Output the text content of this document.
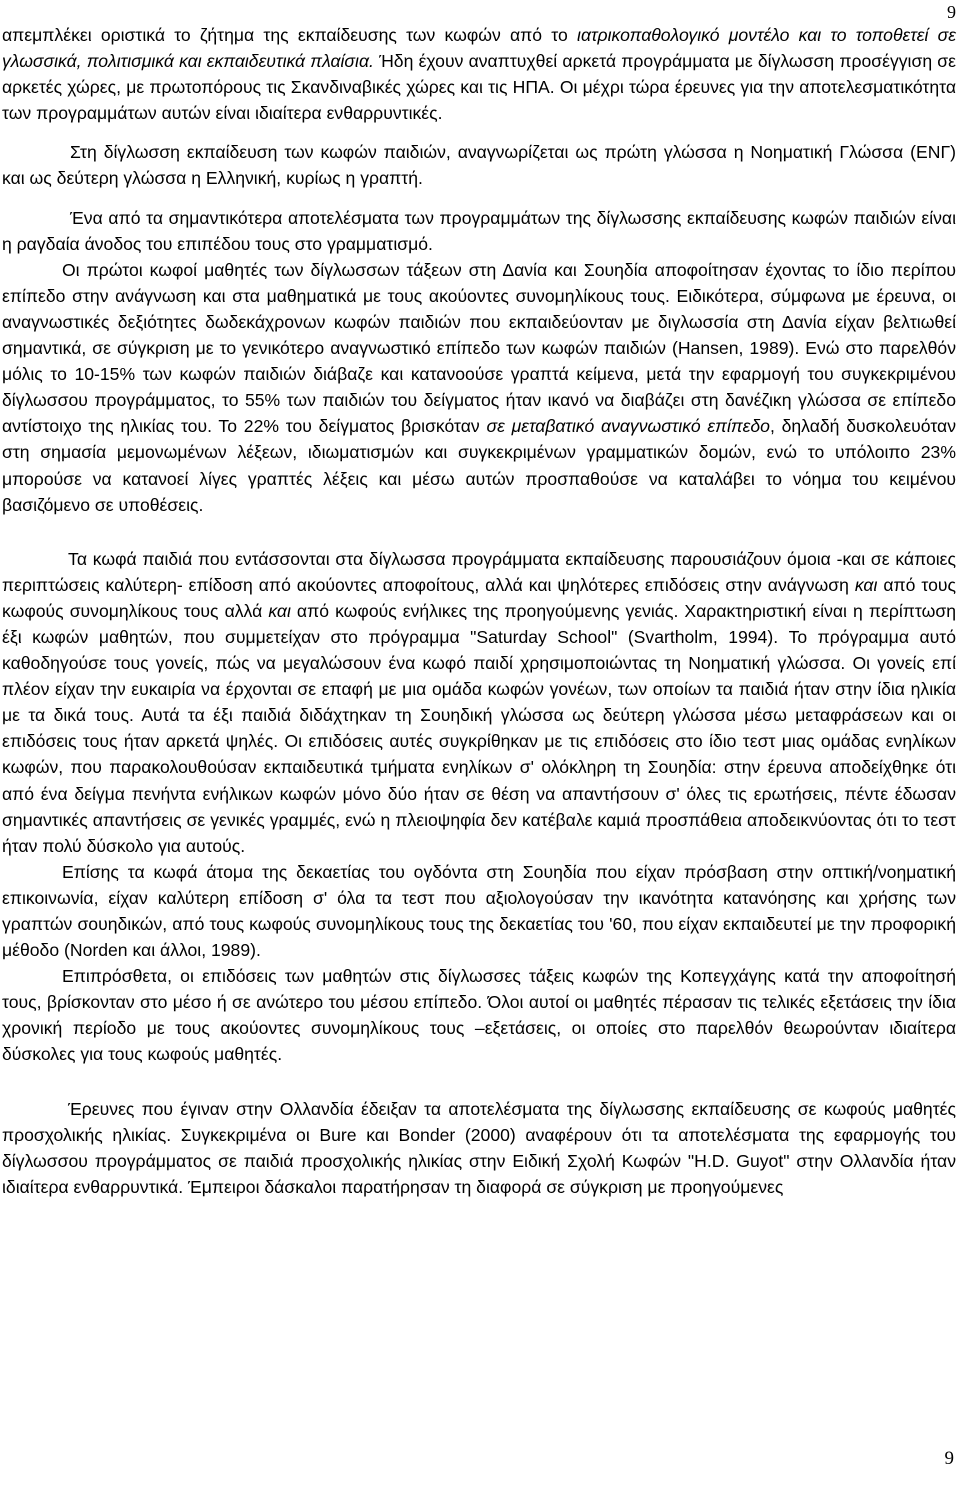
9

απεμπλέκει οριστικά το ζήτημα της εκπαίδευσης των κωφών από το ιατρικοπαθολογικό μοντέλο και το τοποθετεί σε γλωσσικά, πολιτισμικά και εκπαιδευτικά πλαίσια. Ήδη έχουν αναπτυχθεί αρκετά προγράμματα με δίγλωσση προσέγγιση σε αρκετές χώρες, με πρωτοπόρους τις Σκανδιναβικές χώρες και τις ΗΠΑ. Οι μέχρι τώρα έρευνες για την αποτελεσματικότητα των προγραμμάτων αυτών είναι ιδιαίτερα ενθαρρυντικές.

Στη δίγλωσση εκπαίδευση των κωφών παιδιών, αναγνωρίζεται ως πρώτη γλώσσα η Νοηματική Γλώσσα (ΕΝΓ) και ως δεύτερη γλώσσα η Ελληνική, κυρίως η γραπτή.

Ένα από τα σημαντικότερα αποτελέσματα των προγραμμάτων της δίγλωσσης εκπαίδευσης κωφών παιδιών είναι η ραγδαία άνοδος του επιπέδου τους στο γραμματισμό.

Οι πρώτοι κωφοί μαθητές των δίγλωσσων τάξεων στη Δανία και Σουηδία αποφοίτησαν έχοντας το ίδιο περίπου επίπεδο στην ανάγνωση και στα μαθηματικά με τους ακούοντες συνομηλίκους τους. Ειδικότερα, σύμφωνα με έρευνα, οι αναγνωστικές δεξιότητες δωδεκάχρονων κωφών παιδιών που εκπαιδεύονταν με διγλωσσία στη Δανία είχαν βελτιωθεί σημαντικά, σε σύγκριση με το γενικότερο αναγνωστικό επίπεδο των κωφών παιδιών (Hansen, 1989). Ενώ στο παρελθόν μόλις το 10-15% των κωφών παιδιών διάβαζε και κατανοούσε γραπτά κείμενα, μετά την εφαρμογή του συγκεκριμένου δίγλωσσου προγράμματος, το 55% των παιδιών του δείγματος ήταν ικανό να διαβάζει στη δανέζικη γλώσσα σε επίπεδο αντίστοιχο της ηλικίας του. Το 22% του δείγματος βρισκόταν σε μεταβατικό αναγνωστικό επίπεδο, δηλαδή δυσκολευόταν στη σημασία μεμονωμένων λέξεων, ιδιωματισμών και συγκεκριμένων γραμματικών δομών, ενώ το υπόλοιπο 23% μπορούσε να κατανοεί λίγες γραπτές λέξεις και μέσω αυτών προσπαθούσε να καταλάβει το νόημα του κειμένου βασιζόμενο σε υποθέσεις.

Τα κωφά παιδιά που εντάσσονται στα δίγλωσσα προγράμματα εκπαίδευσης παρουσιάζουν όμοια -και σε κάποιες περιπτώσεις καλύτερη- επίδοση από ακούοντες αποφοίτους, αλλά και ψηλότερες επιδόσεις στην ανάγνωση και από τους κωφούς συνομηλίκους τους αλλά και από κωφούς ενήλικες της προηγούμενης γενιάς. Χαρακτηριστική είναι η περίπτωση έξι κωφών μαθητών, που συμμετείχαν στο πρόγραμμα "Saturday School" (Svartholm, 1994). Το πρόγραμμα αυτό καθοδηγούσε τους γονείς, πώς να μεγαλώσουν ένα κωφό παιδί χρησιμοποιώντας τη Νοηματική γλώσσα. Οι γονείς επί πλέον είχαν την ευκαιρία να έρχονται σε επαφή με μια ομάδα κωφών γονέων, των οποίων τα παιδιά ήταν στην ίδια ηλικία με τα δικά τους. Αυτά τα έξι παιδιά διδάχτηκαν τη Σουηδική γλώσσα ως δεύτερη γλώσσα μέσω μεταφράσεων και οι επιδόσεις τους ήταν αρκετά ψηλές. Οι επιδόσεις αυτές συγκρίθηκαν με τις επιδόσεις στο ίδιο τεστ μιας ομάδας ενηλίκων κωφών, που παρακολουθούσαν εκπαιδευτικά τμήματα ενηλίκων σ' ολόκληρη τη Σουηδία: στην έρευνα αποδείχθηκε ότι από ένα δείγμα πενήντα ενήλικων κωφών μόνο δύο ήταν σε θέση να απαντήσουν σ' όλες τις ερωτήσεις, πέντε έδωσαν σημαντικές απαντήσεις σε γενικές γραμμές, ενώ η πλειοψηφία δεν κατέβαλε καμιά προσπάθεια αποδεικνύοντας ότι το τεστ ήταν πολύ δύσκολο για αυτούς.

Επίσης τα κωφά άτομα της δεκαετίας του ογδόντα στη Σουηδία που είχαν πρόσβαση στην οπτική/νοηματική επικοινωνία, είχαν καλύτερη επίδοση σ' όλα τα τεστ που αξιολογούσαν την ικανότητα κατανόησης και χρήσης των γραπτών σουηδικών, από τους κωφούς συνομηλίκους τους της δεκαετίας του '60, που είχαν εκπαιδευτεί με την προφορική μέθοδο (Norden και άλλοι, 1989).

Επιπρόσθετα, οι επιδόσεις των μαθητών στις δίγλωσσες τάξεις κωφών της Κοπεγχάγης κατά την αποφοίτησή τους, βρίσκονταν στο μέσο ή σε ανώτερο του μέσου επίπεδο. Όλοι αυτοί οι μαθητές πέρασαν τις τελικές εξετάσεις την ίδια χρονική περίοδο με τους ακούοντες συνομηλίκους τους –εξετάσεις, οι οποίες στο παρελθόν θεωρούνταν ιδιαίτερα δύσκολες για τους κωφούς μαθητές.

Έρευνες που έγιναν στην Ολλανδία έδειξαν τα αποτελέσματα της δίγλωσσης εκπαίδευσης σε κωφούς μαθητές προσχολικής ηλικίας. Συγκεκριμένα οι Bure και Bonder (2000) αναφέρουν ότι τα αποτελέσματα της εφαρμογής του δίγλωσσου προγράμματος σε παιδιά προσχολικής ηλικίας στην Ειδική Σχολή Κωφών "H.D. Guyot" στην Ολλανδία ήταν ιδιαίτερα ενθαρρυντικά. Έμπειροι δάσκαλοι παρατήρησαν τη διαφορά σε σύγκριση με προηγούμενες

9
